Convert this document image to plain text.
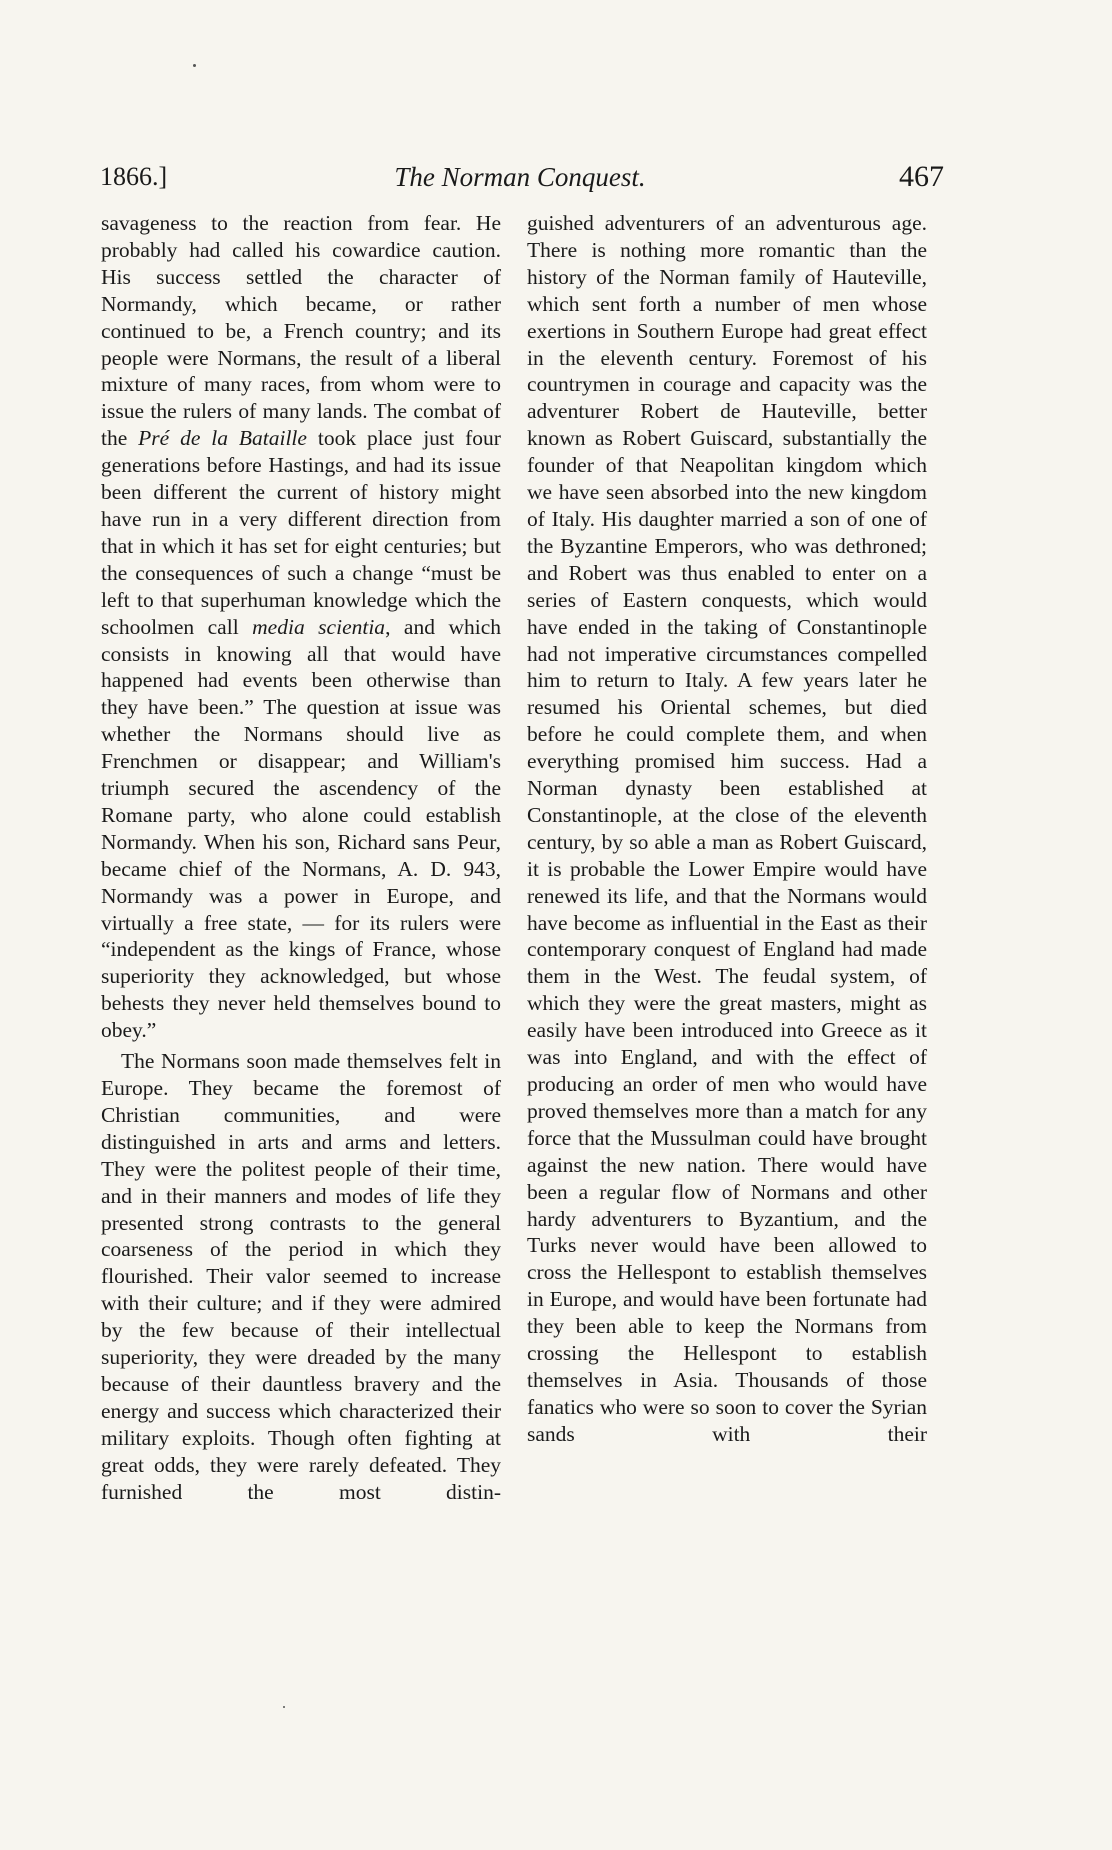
1866.]	The Norman Conquest.	467

savageness to the reaction from fear. He probably had called his cowardice caution. His success settled the character of Normandy, which became, or rather continued to be, a French country; and its people were Normans, the result of a liberal mixture of many races, from whom were to issue the rulers of many lands. The combat of the Pré de la Bataille took place just four generations before Hastings, and had its issue been different the current of history might have run in a very different direction from that in which it has set for eight centuries; but the consequences of such a change “must be left to that superhuman knowledge which the schoolmen call media scientia, and which consists in knowing all that would have happened had events been otherwise than they have been.” The question at issue was whether the Normans should live as Frenchmen or disappear; and William's triumph secured the ascendency of the Romane party, who alone could establish Normandy. When his son, Richard sans Peur, became chief of the Normans, A. D. 943, Normandy was a power in Europe, and virtually a free state, — for its rulers were “independent as the kings of France, whose superiority they acknowledged, but whose behests they never held themselves bound to obey.”

The Normans soon made themselves felt in Europe. They became the foremost of Christian communities, and were distinguished in arts and arms and letters. They were the politest people of their time, and in their manners and modes of life they presented strong contrasts to the general coarseness of the period in which they flourished. Their valor seemed to increase with their culture; and if they were admired by the few because of their intellectual superiority, they were dreaded by the many because of their dauntless bravery and the energy and success which characterized their military exploits. Though often fighting at great odds, they were rarely defeated. They furnished the most distin-

guished adventurers of an adventurous age. There is nothing more romantic than the history of the Norman family of Hauteville, which sent forth a number of men whose exertions in Southern Europe had great effect in the eleventh century. Foremost of his countrymen in courage and capacity was the adventurer Robert de Hauteville, better known as Robert Guiscard, substantially the founder of that Neapolitan kingdom which we have seen absorbed into the new kingdom of Italy. His daughter married a son of one of the Byzantine Emperors, who was dethroned; and Robert was thus enabled to enter on a series of Eastern conquests, which would have ended in the taking of Constantinople had not imperative circumstances compelled him to return to Italy. A few years later he resumed his Oriental schemes, but died before he could complete them, and when everything promised him success. Had a Norman dynasty been established at Constantinople, at the close of the eleventh century, by so able a man as Robert Guiscard, it is probable the Lower Empire would have renewed its life, and that the Normans would have become as influential in the East as their contemporary conquest of England had made them in the West. The feudal system, of which they were the great masters, might as easily have been introduced into Greece as it was into England, and with the effect of producing an order of men who would have proved themselves more than a match for any force that the Mussulman could have brought against the new nation. There would have been a regular flow of Normans and other hardy adventurers to Byzantium, and the Turks never would have been allowed to cross the Hellespont to establish themselves in Europe, and would have been fortunate had they been able to keep the Normans from crossing the Hellespont to establish themselves in Asia. Thousands of those fanatics who were so soon to cover the Syrian sands with their
